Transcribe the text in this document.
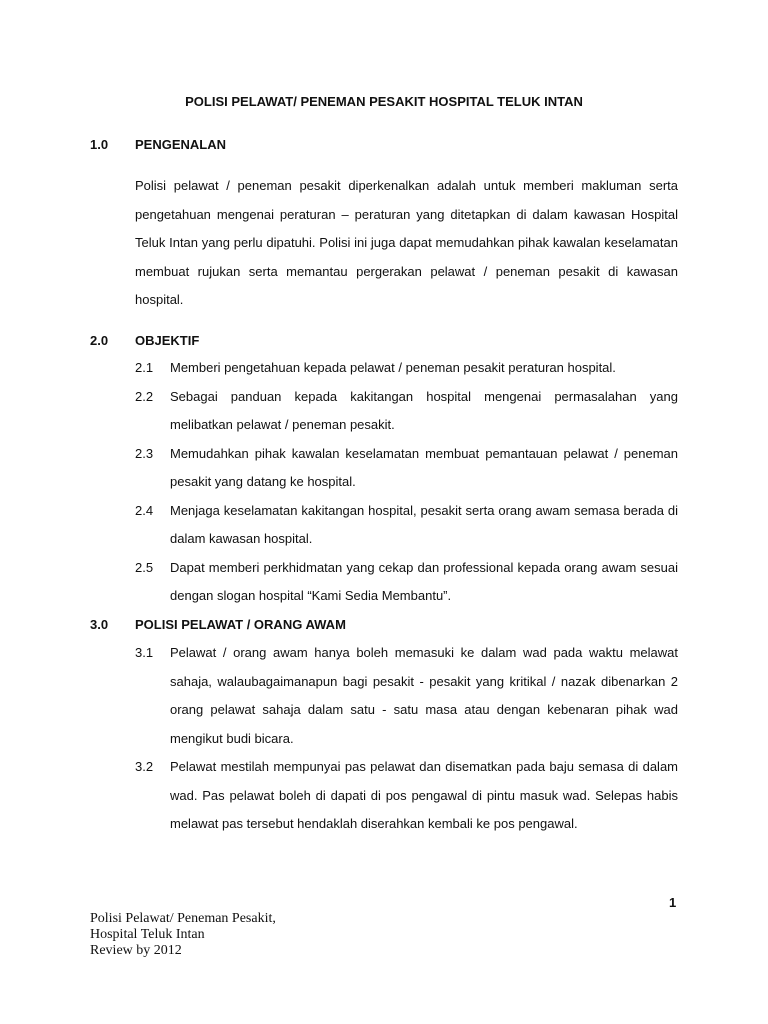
POLISI PELAWAT/ PENEMAN PESAKIT HOSPITAL TELUK INTAN
1.0 PENGENALAN
Polisi pelawat / peneman pesakit diperkenalkan adalah untuk memberi makluman serta pengetahuan mengenai peraturan – peraturan yang ditetapkan di dalam kawasan Hospital Teluk Intan yang perlu dipatuhi. Polisi ini juga dapat memudahkan pihak kawalan keselamatan membuat rujukan serta memantau pergerakan pelawat / peneman pesakit di kawasan hospital.
2.0 OBJEKTIF
2.1 Memberi pengetahuan kepada pelawat / peneman pesakit peraturan hospital.
2.2 Sebagai panduan kepada kakitangan hospital mengenai permasalahan yang melibatkan pelawat / peneman pesakit.
2.3 Memudahkan pihak kawalan keselamatan membuat pemantauan pelawat / peneman pesakit yang datang ke hospital.
2.4 Menjaga keselamatan kakitangan hospital, pesakit serta orang awam semasa berada di dalam kawasan hospital.
2.5 Dapat memberi perkhidmatan yang cekap dan professional kepada orang awam sesuai dengan slogan hospital “Kami Sedia Membantu”.
3.0 POLISI PELAWAT / ORANG AWAM
3.1 Pelawat / orang awam hanya boleh memasuki ke dalam wad pada waktu melawat sahaja, walaubagaimanapun bagi pesakit - pesakit yang kritikal / nazak dibenarkan 2 orang pelawat sahaja dalam satu - satu masa atau dengan kebenaran pihak wad mengikut budi bicara.
3.2 Pelawat mestilah mempunyai pas pelawat dan disematkan pada baju semasa di dalam wad. Pas pelawat boleh di dapati di pos pengawal di pintu masuk wad. Selepas habis melawat pas tersebut hendaklah diserahkan kembali ke pos pengawal.
1
Polisi Pelawat/ Peneman Pesakit,
Hospital Teluk Intan
Review by 2012
